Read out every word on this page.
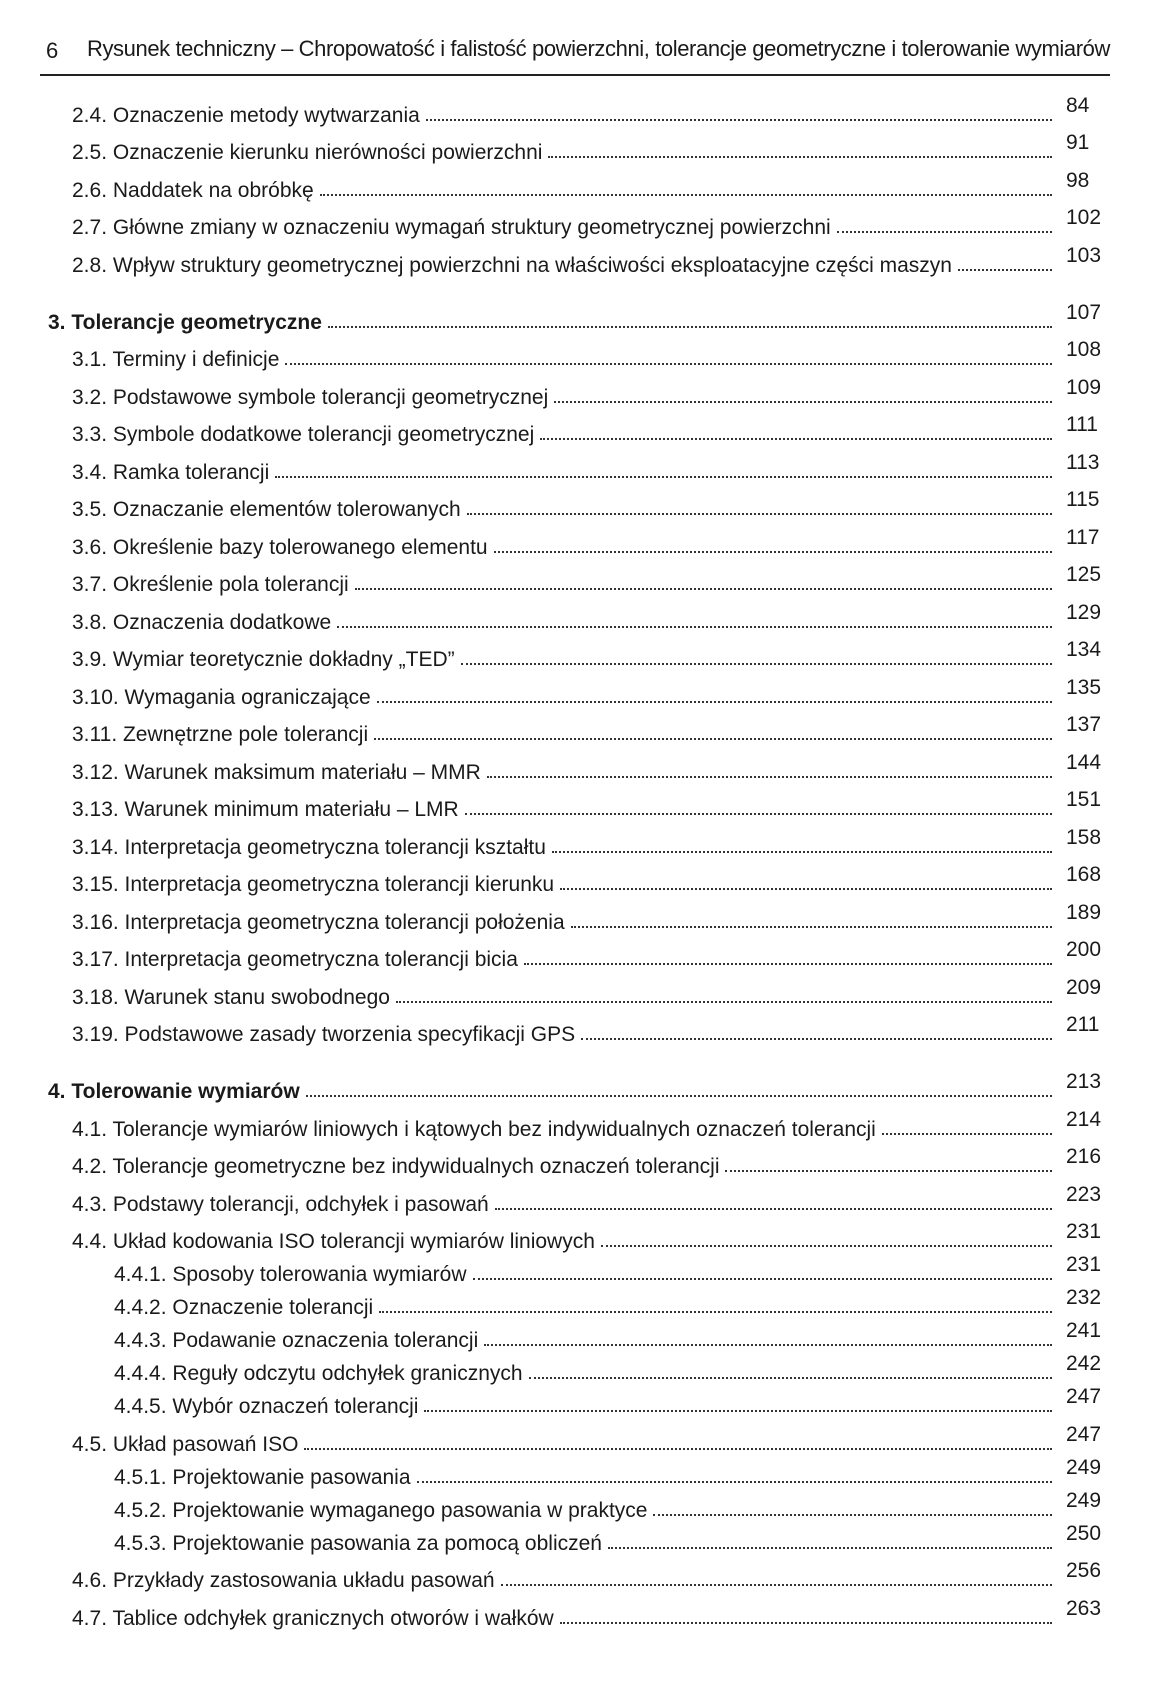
6 Rysunek techniczny – Chropowatość i falistość powierzchni, tolerancje geometryczne i tolerowanie wymiarów
2.4. Oznaczenie metody wytwarzania	84
2.5. Oznaczenie kierunku nierówności powierzchni	91
2.6. Naddatek na obróbkę	98
2.7. Główne zmiany w oznaczeniu wymagań struktury geometrycznej powierzchni	102
2.8. Wpływ struktury geometrycznej powierzchni na właściwości eksploatacyjne części maszyn	103
3. Tolerancje geometryczne	107
3.1. Terminy i definicje	108
3.2. Podstawowe symbole tolerancji geometrycznej	109
3.3. Symbole dodatkowe tolerancji geometrycznej	111
3.4. Ramka tolerancji	113
3.5. Oznaczanie elementów tolerowanych	115
3.6. Określenie bazy tolerowanego elementu	117
3.7. Określenie pola tolerancji	125
3.8. Oznaczenia dodatkowe	129
3.9. Wymiar teoretycznie dokładny „TED”	134
3.10. Wymagania ograniczające	135
3.11. Zewnętrzne pole tolerancji	137
3.12. Warunek maksimum materiału – MMR	144
3.13. Warunek minimum materiału – LMR	151
3.14. Interpretacja geometryczna tolerancji kształtu	158
3.15. Interpretacja geometryczna tolerancji kierunku	168
3.16. Interpretacja geometryczna tolerancji położenia	189
3.17. Interpretacja geometryczna tolerancji bicia	200
3.18. Warunek stanu swobodnego	209
3.19. Podstawowe zasady tworzenia specyfikacji GPS	211
4. Tolerowanie wymiarów	213
4.1. Tolerancje wymiarów liniowych i kątowych bez indywidualnych oznaczeń tolerancji	214
4.2. Tolerancje geometryczne bez indywidualnych oznaczeń tolerancji	216
4.3. Podstawy tolerancji, odchyłek i pasowań	223
4.4. Układ kodowania ISO tolerancji wymiarów liniowych	231
4.4.1. Sposoby tolerowania wymiarów	231
4.4.2. Oznaczenie tolerancji	232
4.4.3. Podawanie oznaczenia tolerancji	241
4.4.4. Reguły odczytu odchyłek granicznych	242
4.4.5. Wybór oznaczeń tolerancji	247
4.5. Układ pasowań ISO	247
4.5.1. Projektowanie pasowania	249
4.5.2. Projektowanie wymaganego pasowania w praktyce	249
4.5.3. Projektowanie pasowania za pomocą obliczeń	250
4.6. Przykłady zastosowania układu pasowań	256
4.7. Tablice odchyłek granicznych otworów i wałków	263
